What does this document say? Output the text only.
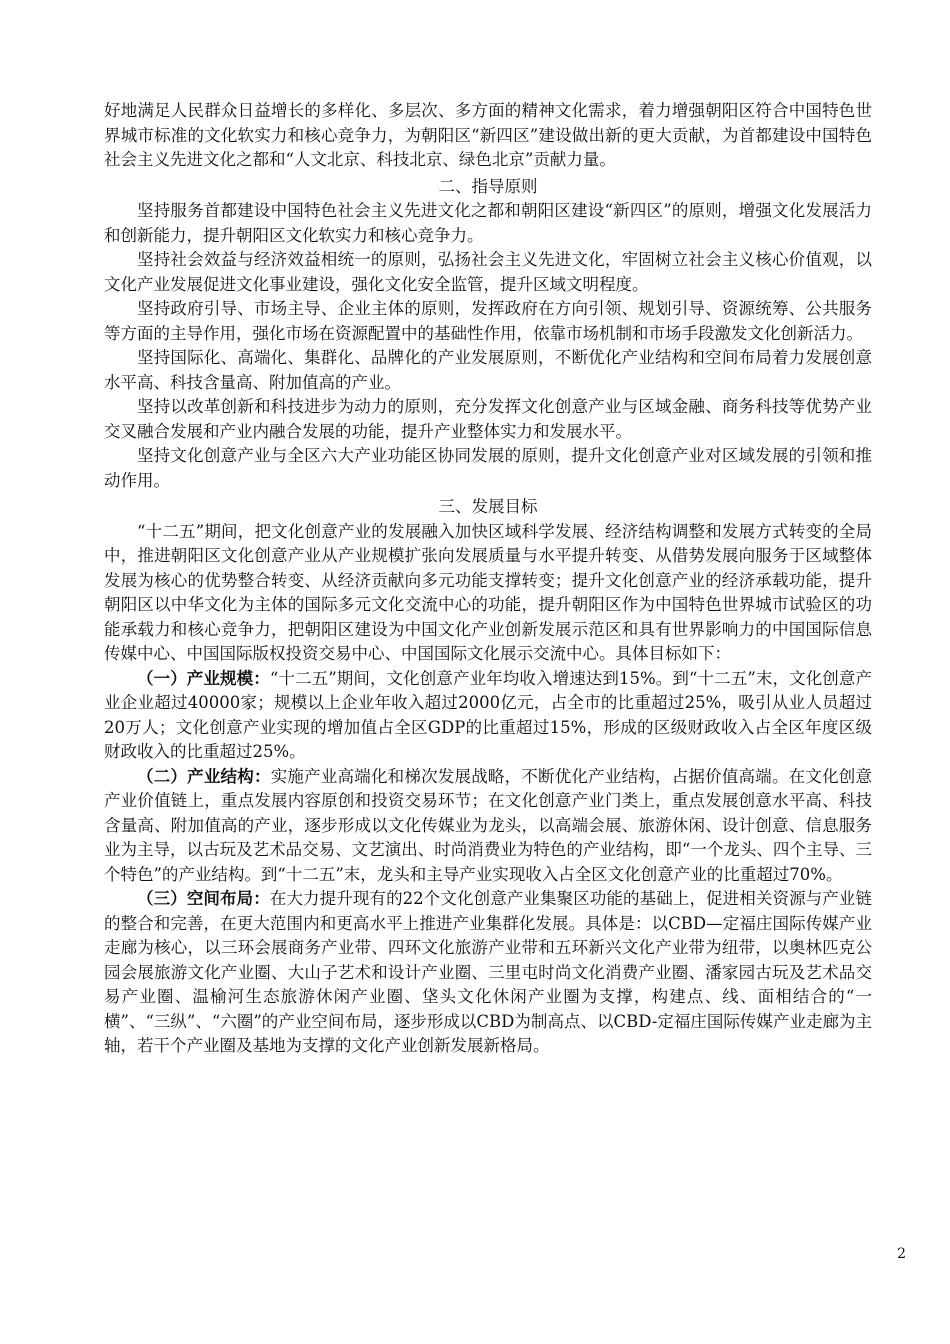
好地满足人民群众日益增长的多样化、多层次、多方面的精神文化需求，着力增强朝阳区符合中国特色世界城市标准的文化软实力和核心竞争力，为朝阳区“新四区”建设做出新的更大贡献，为首都建设中国特色社会主义先进文化之都和“人文北京、科技北京、绿色北京”贡献力量。

二、指导原则

坚持服务首都建设中国特色社会主义先进文化之都和朝阳区建设“新四区”的原则，增强文化发展活力和创新能力，提升朝阳区文化软实力和核心竞争力。

坚持社会效益与经济效益相统一的原则，弘扬社会主义先进文化，牢固树立社会主义核心价值观，以文化产业发展促进文化事业建设，强化文化安全监管，提升区域文明程度。

坚持政府引导、市场主导、企业主体的原则，发挥政府在方向引领、规划引导、资源统筹、公共服务等方面的主导作用，强化市场在资源配置中的基础性作用，依靠市场机制和市场手段激发文化创新活力。

坚持国际化、高端化、集群化、品牌化的产业发展原则，不断优化产业结构和空间布局着力发展创意水平高、科技含量高、附加值高的产业。

坚持以改革创新和科技进步为动力的原则，充分发挥文化创意产业与区域金融、商务科技等优势产业交叉融合发展和产业内融合发展的功能，提升产业整体实力和发展水平。

坚持文化创意产业与全区六大产业功能区协同发展的原则，提升文化创意产业对区域发展的引领和推动作用。

三、发展目标

“十二五”期间，把文化创意产业的发展融入加快区域科学发展、经济结构调整和发展方式转变的全局中，推进朝阳区文化创意产业从产业规模扩张向发展质量与水平提升转变、从借势发展向服务于区域整体发展为核心的优势整合转变、从经济贡献向多元功能支撑转变；提升文化创意产业的经济承载功能，提升朝阳区以中华文化为主体的国际多元文化交流中心的功能，提升朝阳区作为中国特色世界城市试验区的功能承载力和核心竞争力，把朝阳区建设为中国文化产业创新发展示范区和具有世界影响力的中国国际信息传媒中心、中国国际版权投资交易中心、中国国际文化展示交流中心。具体目标如下：

（一）产业规模：“十二五”期间，文化创意产业年均收入增速达到15%。到“十二五”末，文化创意产业企业超过40000家；规模以上企业年收入超过2000亿元，占全市的比重超过25%，吸引从业人员超过20万人；文化创意产业实现的增加值占全区GDP的比重超过15%，形成的区级财政收入占全区年度区级财政收入的比重超过25%。

（二）产业结构：实施产业高端化和梯次发展战略，不断优化产业结构，占据价值高端。在文化创意产业价值链上，重点发展内容原创和投资交易环节；在文化创意产业门类上，重点发展创意水平高、科技含量高、附加值高的产业，逐步形成以文化传媒业为龙头，以高端会展、旅游休闲、设计创意、信息服务业为主导，以古玩及艺术品交易、文艺演出、时尚消费业为特色的产业结构，即“一个龙头、四个主导、三个特色”的产业结构。到“十二五”末，龙头和主导产业实现收入占全区文化创意产业的比重超过70%。

（三）空间布局：在大力提升现有的22个文化创意产业集聚区功能的基础上，促进相关资源与产业链的整合和完善，在更大范围内和更高水平上推进产业集群化发展。具体是：以CBD—定福庄国际传媒产业走廊为核心，以三环会展商务产业带、四环文化旅游产业带和五环新兴文化产业带为纽带，以奥林匹克公园会展旅游文化产业圈、大山子艺术和设计产业圈、三里屯时尚文化消费产业圈、潘家园古玩及艺术品交易产业圈、温榆河生态旅游休闲产业圈、垡头文化休闲产业圈为支撑，构建点、线、面相结合的“一横”、“三纵”、“六圈”的产业空间布局，逐步形成以CBD为制高点、以CBD-定福庄国际传媒产业走廊为主轴，若干个产业圈及基地为支撑的文化产业创新发展新格局。

2
